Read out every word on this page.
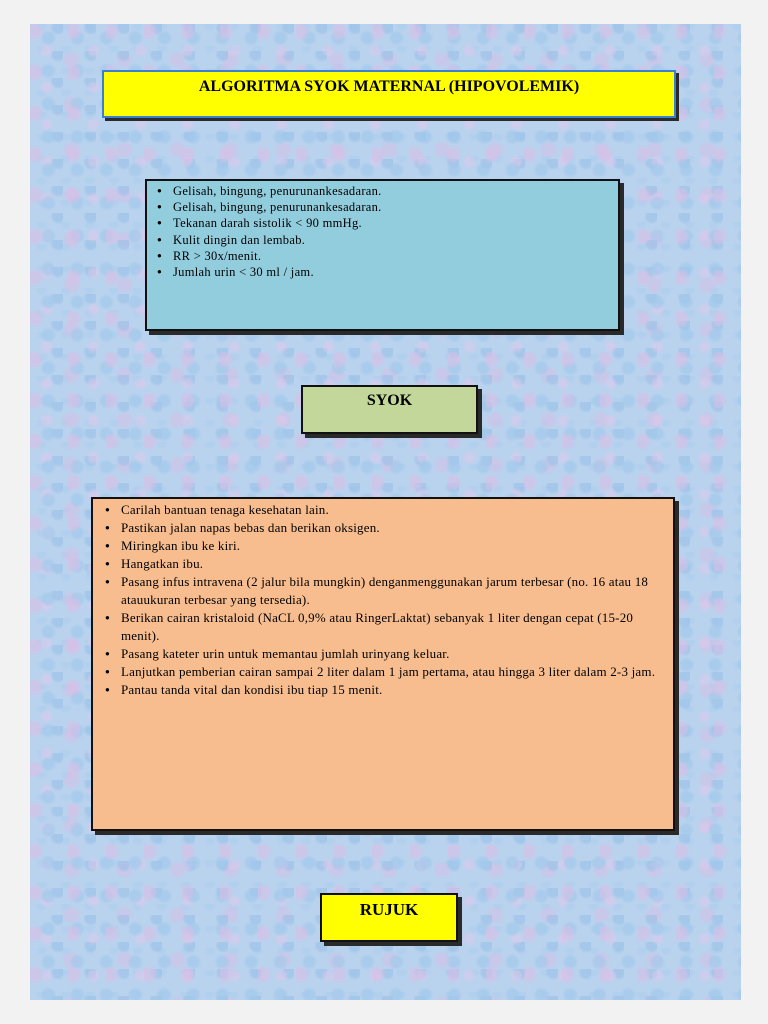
ALGORITMA SYOK MATERNAL (HIPOVOLEMIK)
● Gelisah, bingung, penurunankesadaran.
● Gelisah, bingung, penurunankesadaran.
● Tekanan darah sistolik < 90 mmHg.
● Kulit dingin dan lembab.
● RR > 30x/menit.
● Jumlah urin < 30 ml / jam.
SYOK
● Carilah bantuan tenaga kesehatan lain.
● Pastikan jalan napas bebas dan berikan oksigen.
● Miringkan ibu ke kiri.
● Hangatkan ibu.
● Pasang infus intravena (2 jalur bila mungkin) denganmenggunakan jarum terbesar (no. 16 atau 18 atauukuran terbesar yang tersedia).
● Berikan cairan kristaloid (NaCL 0,9% atau RingerLaktat) sebanyak 1 liter dengan cepat (15-20 menit).
● Pasang kateter urin untuk memantau jumlah urinyang keluar.
● Lanjutkan pemberian cairan sampai 2 liter dalam 1 jam pertama, atau hingga 3 liter dalam 2-3 jam.
● Pantau tanda vital dan kondisi ibu tiap 15 menit.
RUJUK
